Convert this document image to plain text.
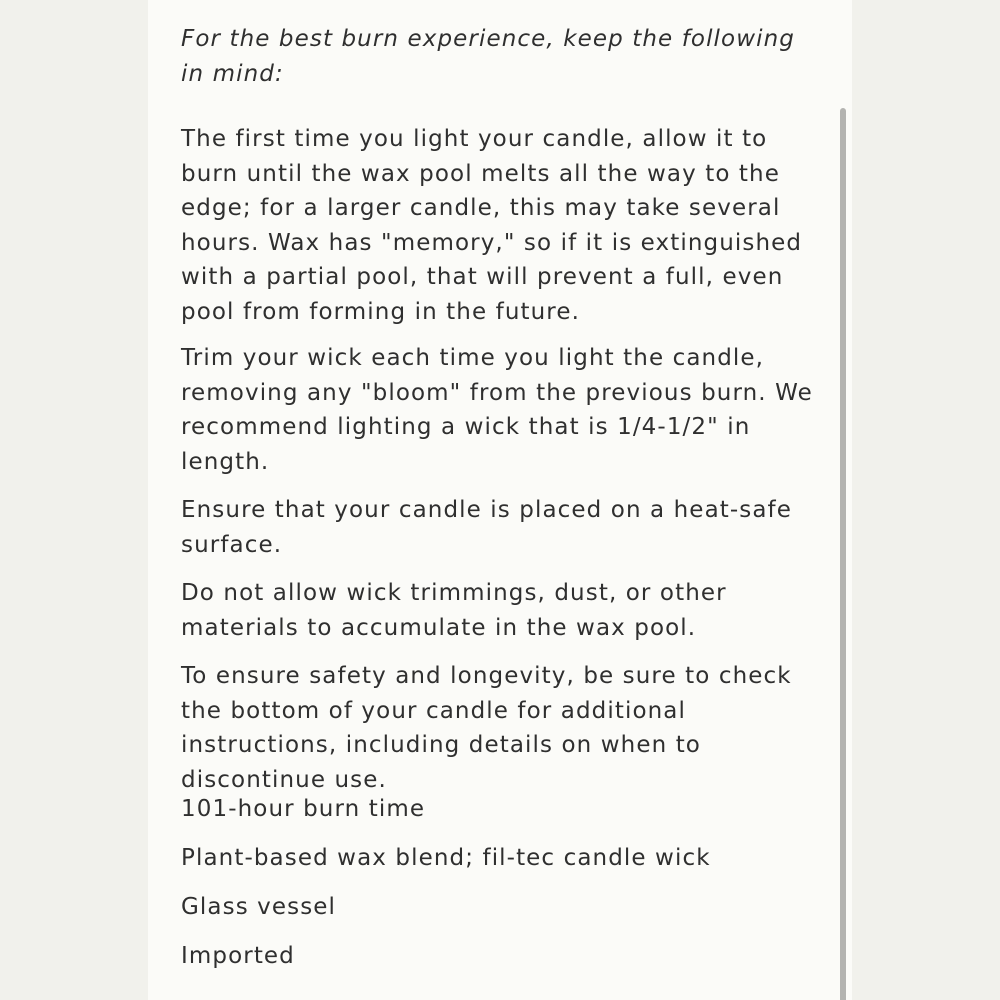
For the best burn experience, keep the following in mind:

The first time you light your candle, allow it to burn until the wax pool melts all the way to the edge; for a larger candle, this may take several hours. Wax has "memory," so if it is extinguished with a partial pool, that will prevent a full, even pool from forming in the future.

Trim your wick each time you light the candle, removing any "bloom" from the previous burn. We recommend lighting a wick that is 1/4-1/2" in length.

Ensure that your candle is placed on a heat-safe surface.

Do not allow wick trimmings, dust, or other materials to accumulate in the wax pool.

To ensure safety and longevity, be sure to check the bottom of your candle for additional instructions, including details on when to discontinue use.

101-hour burn time

Plant-based wax blend; fil-tec candle wick

Glass vessel

Imported
